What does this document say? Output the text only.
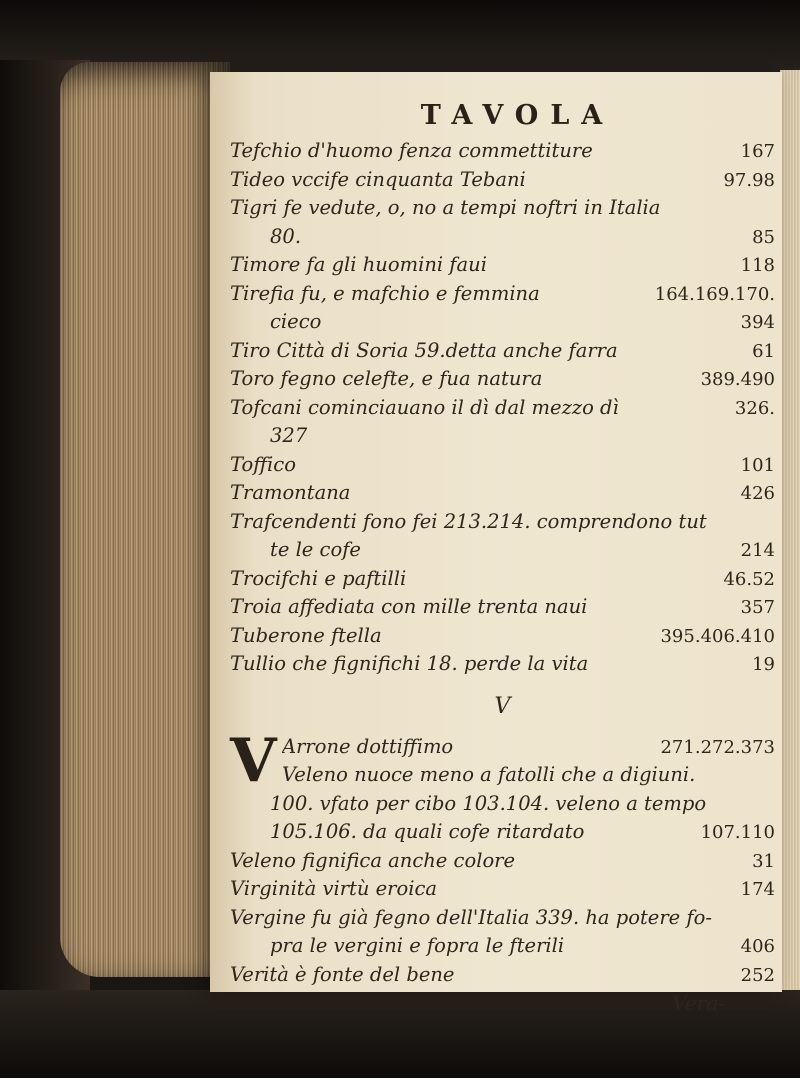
TAVOLA
Tefchio d'huomo fenza commettiture	167
Tideo vccife cinquanta Tebani	97.98
Tigri fe vedute, o, no a tempi noftri in Italia
80.	85
Timore fa gli huomini faui	118
Tirefia fu, e mafchio e femmina	164.169.170.
cieco	394
Tiro Città di Soria 59.detta anche farra	61
Toro fegno celefte, e fua natura	389.490
Tofcani cominciauano il dì dal mezzo dì	326.
327
Toffico	101
Tramontana	426
Trafcendenti fono fei 213.214. comprendono tut
te le cofe	214
Trocifchi e paftilli	46.52
Troia affediata con mille trenta naui	357
Tuberone ftella	395.406.410
Tullio che fignifichi 18. perde la vita	19
V
V Arrone dottiffimo	271.272.373
Veleno nuoce meno a fatolli che a digiuni.
100. vfato per cibo 103.104. veleno a tempo
105.106. da quali cofe ritardato	107.110
Veleno fignifica anche colore	31
Virginità virtù eroica	174
Vergine fu già fegno dell'Italia 339. ha potere fo-
pra le vergini e fopra le fterili	406
Verità è fonte del bene	252
Vera-
